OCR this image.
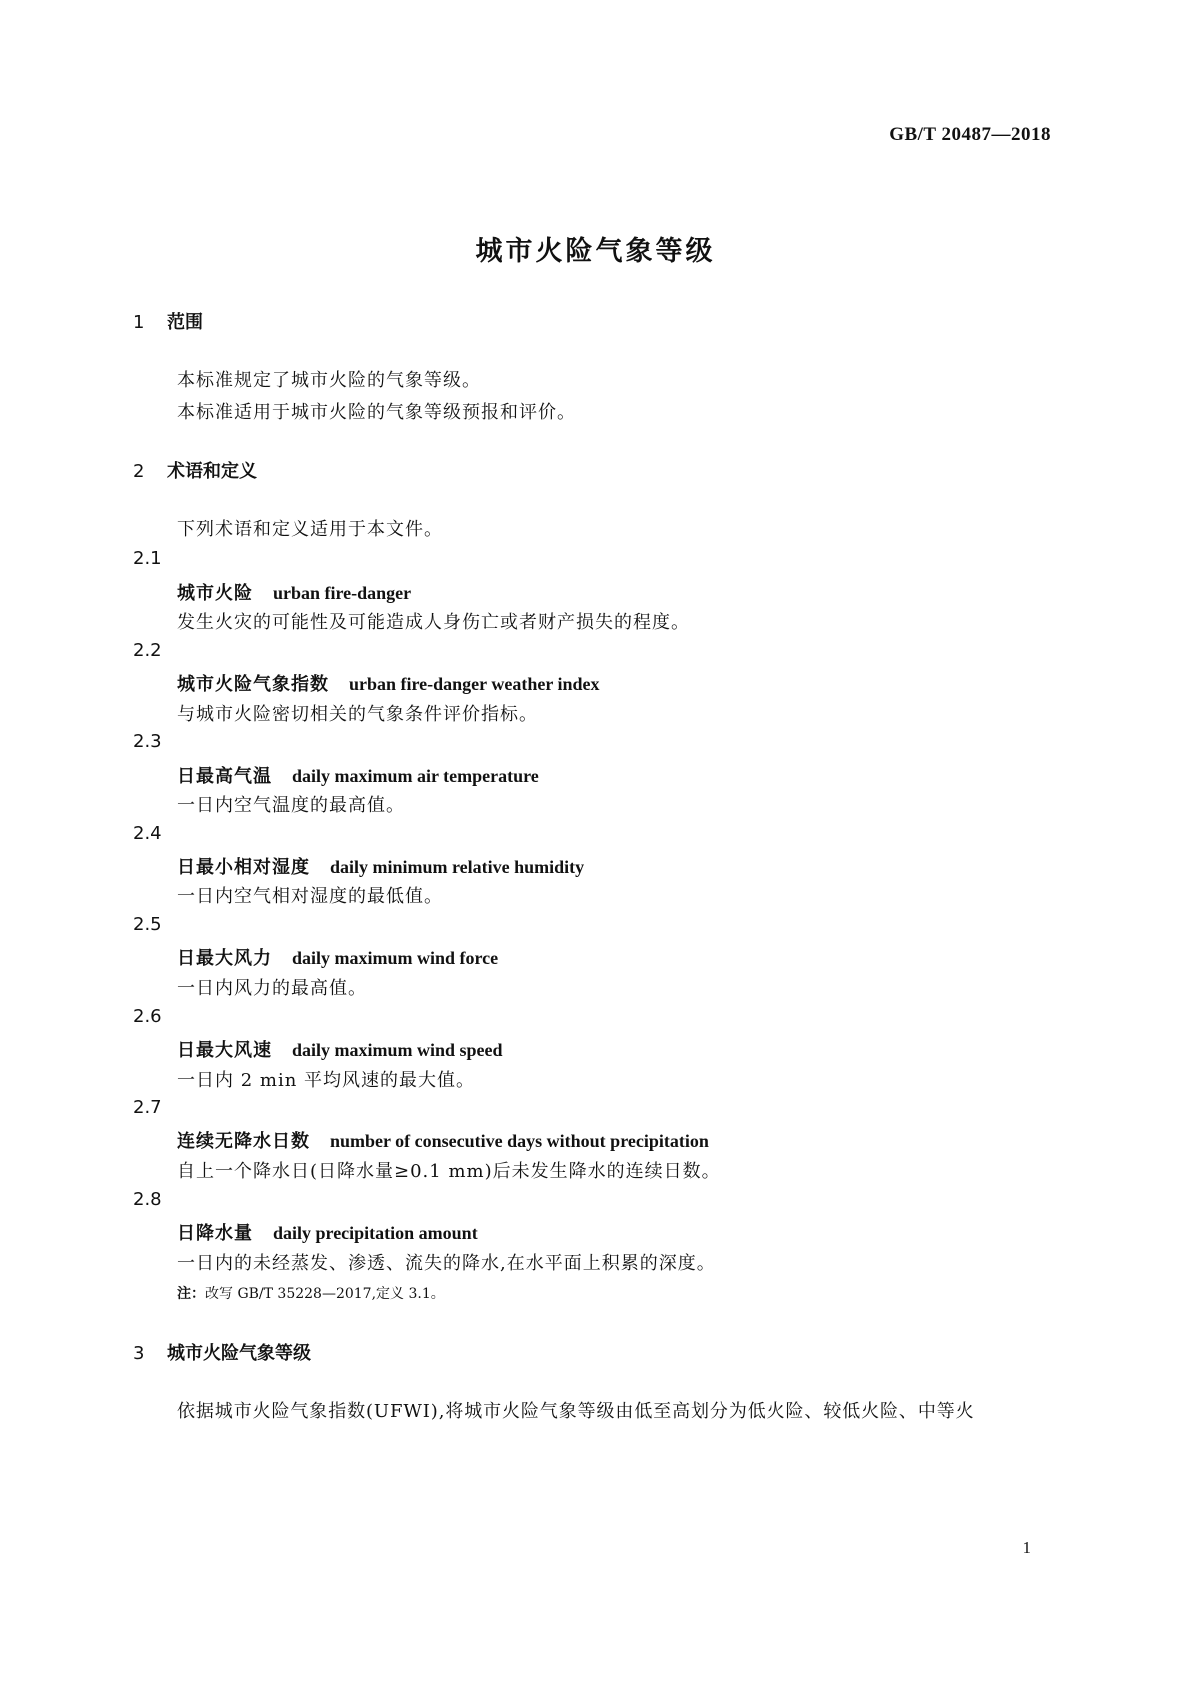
GB/T 20487—2018
城市火险气象等级
1 范围
本标准规定了城市火险的气象等级。
本标准适用于城市火险的气象等级预报和评价。
2 术语和定义
下列术语和定义适用于本文件。
2.1
城市火险 urban fire-danger
发生火灾的可能性及可能造成人身伤亡或者财产损失的程度。
2.2
城市火险气象指数 urban fire-danger weather index
与城市火险密切相关的气象条件评价指标。
2.3
日最高气温 daily maximum air temperature
一日内空气温度的最高值。
2.4
日最小相对湿度 daily minimum relative humidity
一日内空气相对湿度的最低值。
2.5
日最大风力 daily maximum wind force
一日内风力的最高值。
2.6
日最大风速 daily maximum wind speed
一日内 2 min 平均风速的最大值。
2.7
连续无降水日数 number of consecutive days without precipitation
自上一个降水日(日降水量≥0.1 mm)后未发生降水的连续日数。
2.8
日降水量 daily precipitation amount
一日内的未经蒸发、渗透、流失的降水,在水平面上积累的深度。
注：改写 GB/T 35228—2017,定义 3.1。
3 城市火险气象等级
依据城市火险气象指数(UFWI),将城市火险气象等级由低至高划分为低火险、较低火险、中等火
1
